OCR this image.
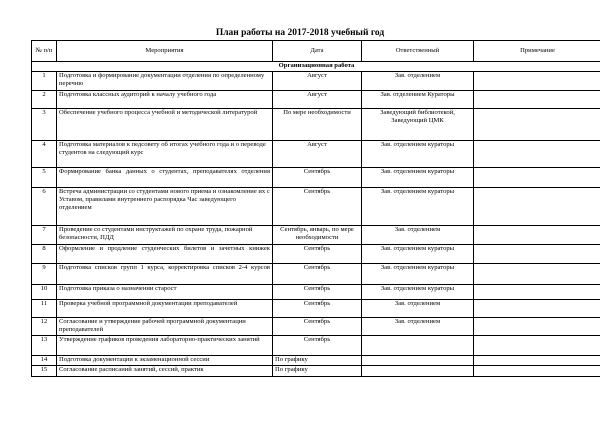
План работы на 2017-2018 учебный год
№ п/п	Мероприятия	Дата	Ответственный	Примечание
Организационная работа				
1	Подготовка и формирование документации отделения по определенному перечню	Август	Зав. отделением	
2	Подготовка классных аудиторий к началу учебного года	Август	Зав. отделением Кураторы	
3	Обеспечение учебного процесса учебной и методической литературой	По мере необходимости	Заведующий библиотекой, Заведующий ЦМК	
4	Подготовка материалов к педсовету об итогах учебного года и о переводе студентов на следующий курс	Август	Зав. отделением кураторы	
5	Формирование банка данных о студентах, преподавателях отделения	Сентябрь	Зав. отделением кураторы	
6	Встреча администрации со студентами нового приема и ознакомление их с Уставом, правилами внутреннего распорядка Час заведующего отделением	Сентябрь	Зав. отделением кураторы	
7	Проведение со студентами инструктажей по охране труда, пожарной безопасности, ПДД	Сентябрь, январь, по мере необходимости	Зав. отделением	
8	Оформление и продление студенческих билетов и зачетных книжек	Сентябрь	Зав. отделением кураторы	
9	Подготовка списков групп 1 курса, корректировка списков 2-4 курсов	Сентябрь	Зав. отделением кураторы	
10	Подготовка приказа о назначении старост	Сентябрь	Зав. отделением кураторы	
11	Проверка учебной программной документации преподавателей	Сентябрь	Зав. отделением	
12	Согласование и утверждение рабочей программной документации преподавателей	Сентябрь	Зав. отделением	
13	Утверждение графиков проведения лабораторно-практических занятий	Сентябрь		
14	Подготовка документации к экзаменационной сессии	По графику		
15	Согласование расписаний занятий, сессий, практик	По графику		
